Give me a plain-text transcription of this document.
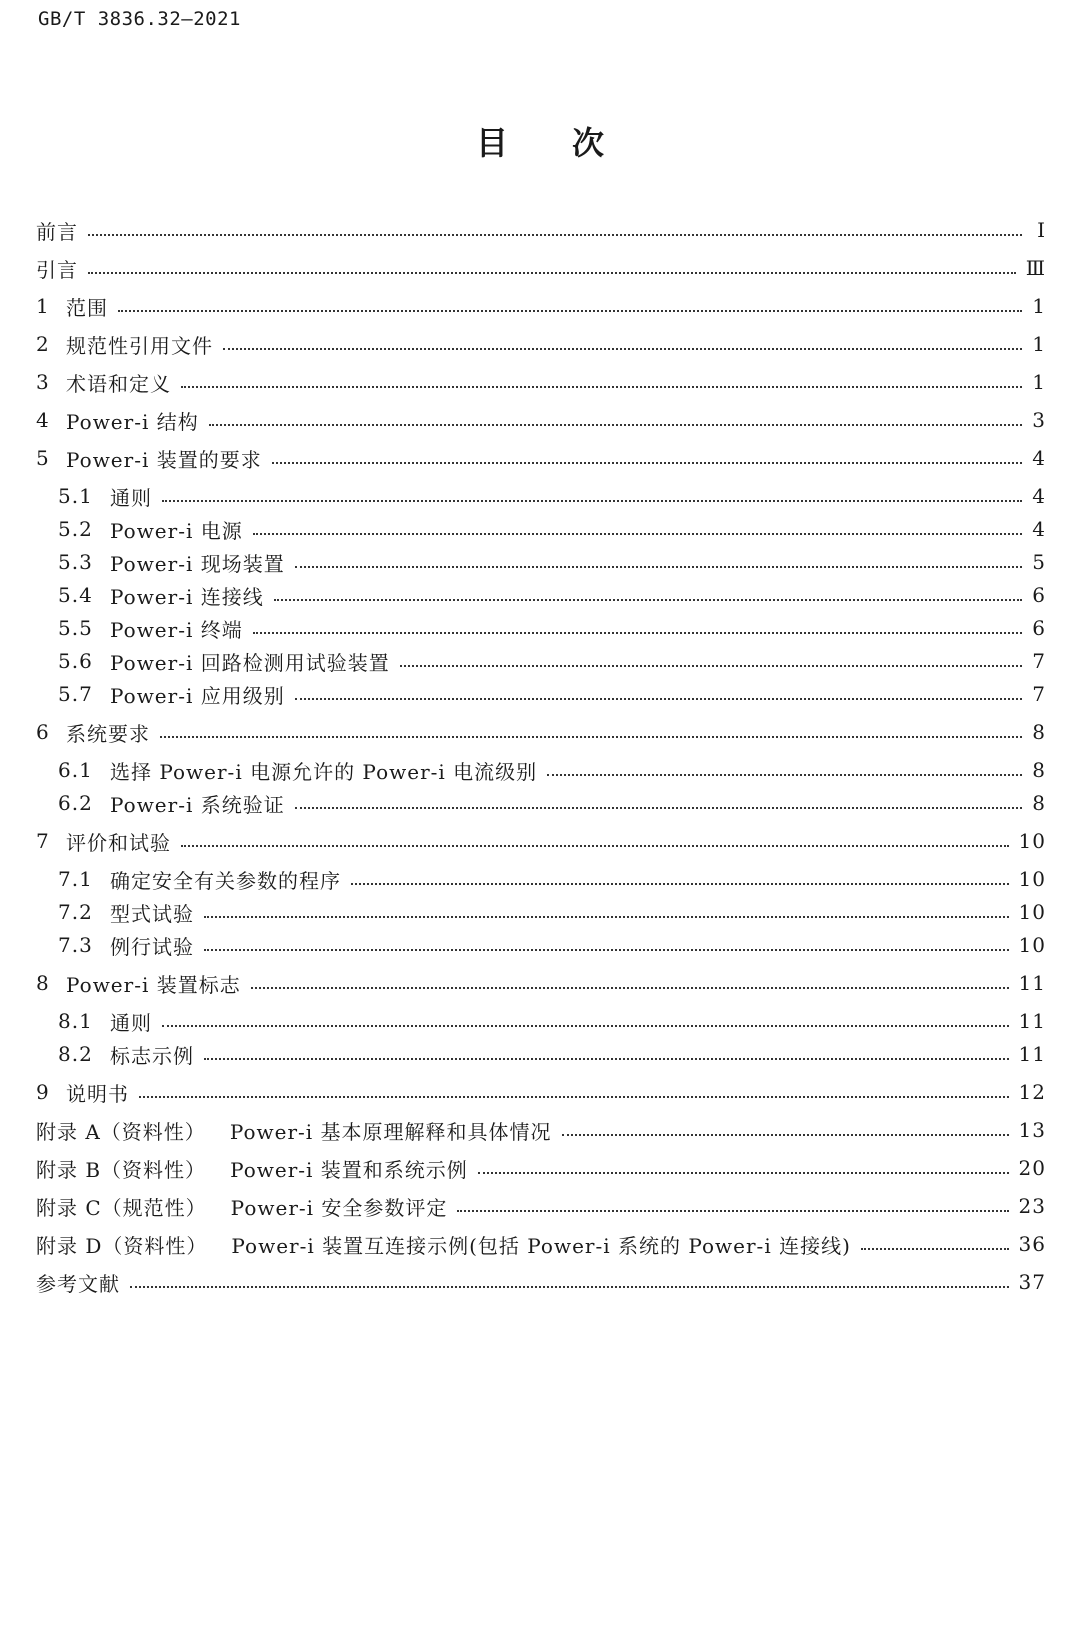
GB/T 3836.32—2021
目 次
前言	Ⅰ
引言	Ⅲ
1 范围	1
2 规范性引用文件	1
3 术语和定义	1
4 Power-i 结构	3
5 Power-i 装置的要求	4
5.1 通则	4
5.2 Power-i 电源	4
5.3 Power-i 现场装置	5
5.4 Power-i 连接线	6
5.5 Power-i 终端	6
5.6 Power-i 回路检测用试验装置	7
5.7 Power-i 应用级别	7
6 系统要求	8
6.1 选择 Power-i 电源允许的 Power-i 电流级别	8
6.2 Power-i 系统验证	8
7 评价和试验	10
7.1 确定安全有关参数的程序	10
7.2 型式试验	10
7.3 例行试验	10
8 Power-i 装置标志	11
8.1 通则	11
8.2 标志示例	11
9 说明书	12
附录 A（资料性） Power-i 基本原理解释和具体情况	13
附录 B（资料性） Power-i 装置和系统示例	20
附录 C（规范性） Power-i 安全参数评定	23
附录 D（资料性） Power-i 装置互连接示例(包括 Power-i 系统的 Power-i 连接线)	36
参考文献	37
